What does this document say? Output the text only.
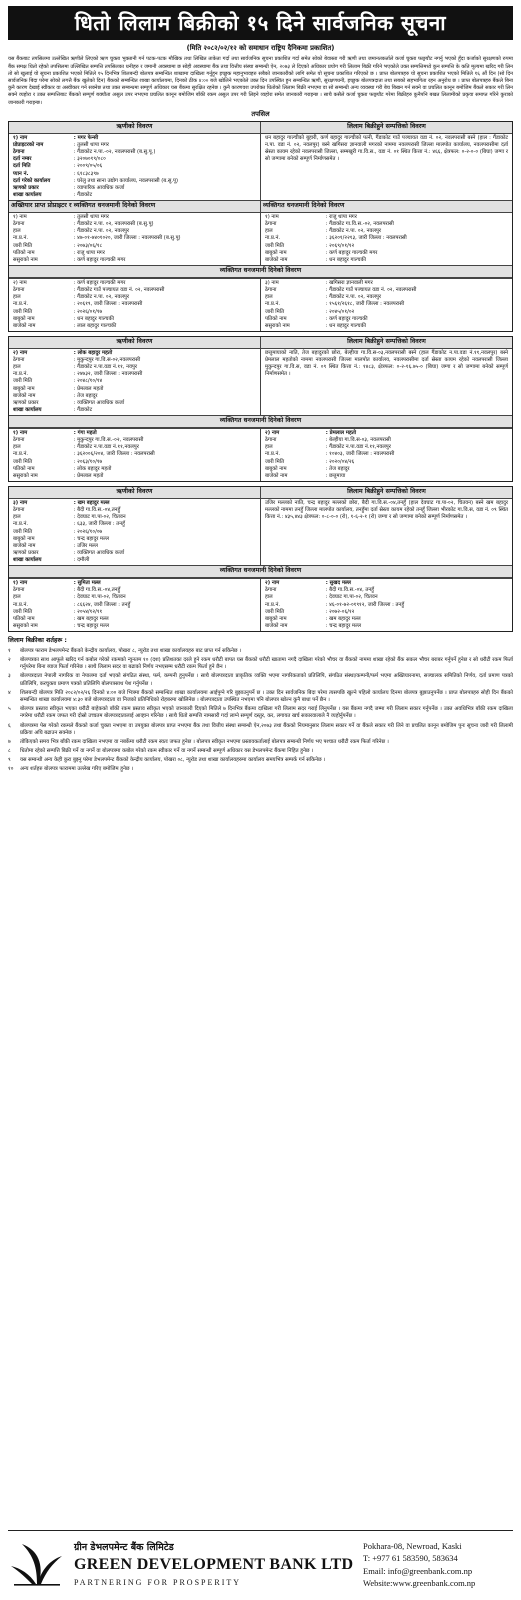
धितो लिलाम बिक्रीको १५ दिने सार्वजनिक सूचना
(मिति २०८२/०२/१२ को समाधान राष्ट्रिय दैनिकमा प्रकाशित)
यस बैंकबाट तपसिलमा उल्लेखित ऋणीले लिएको ऋण चुक्ता भुक्तानी गर्न पटक-पटक मौखिक तथा लिखित ताकेता गर्दा तथा सार्वजनिक सूचना प्रकाशित गर्दा समेत सोको बेवास्ता गरी ऋणी तथा जमानतकर्ताले कर्जा चुक्ता फछ्र्यौट नगर्नु भएको हुँदा कर्जाको सुरक्षणको रुपमा बैंक समक्ष धितो रहेको तपसिलमा उल्लिखित सम्पत्ति तपसिलका धनीहरु र जमानी अवस्थामा छ सोही अवस्थामा बैंक तथा वित्तीय संस्था सम्बन्धी ऐन, २०७३ ले दिएको अधिकार प्रयोग गरी लिलाम बिक्री गरिने भएकोले उक्त सम्पत्तिमध्ये कुन सम्पत्ति के कति मूल्यमा खरिद गरी लिन तो सो खुलाई यो सूचना प्रकाशित भएको मितिले १५ दिनभित्र शिलबन्दी बोलपत्र सम्बन्धित शाखामा दाखिला गर्नुहुन इच्छुक महानुभावहरु सबैको जानकारीको लागि समेत यो सूचना प्रकाशित गरिएको छ । प्राप्त बोलपत्रहरु यो सूचना प्रकाशित भएको मितिले १६ औं दिन (सो दिन सार्वजनिक बिदा परेमा सोको लगत्तै बैंक खुलेको दिन) बैंकको सम्बन्धित शाखा कार्यालयमा, दिनको ठीक ४:०० बजे खोलिने भएकोले उक्त दिन उपस्थित हुन सम्बन्धित ऋणी, सुरक्षणधनी, इच्छुक बोलपत्रदाता तथा सबको सहभागिता रहन अनुरोध छ । प्राप्त बोलपत्रहरु बैंकले बिना कुनै कारण देखाई स्वीकार वा अस्वीकार गर्न सक्नेछ तथा उक्त सम्बन्धमा सम्पूर्ण अधिकार यस बैंकमा सुरक्षित रहनेछ । कुनै कारणवश उपरोक्त धितोको लिलाम बिक्री नभएमा वा सो सम्बन्धी अन्य व्यवस्था गरी बेच बिखन गर्न सक्ने वा प्रचलित कानून बमोजिम बैंकले सकार गरी लिन सक्ने व्यहोरा र उक्त सम्पत्तिबाट बैंकको सम्पूर्ण बक्यौता असुल उपर नभएमा प्रचलित कानून बमोजिम बाँकी रकम असुल उपर गरी लिइने व्यहोरा समेत जानकारी गराइन्छ । साथै कसैले कर्जा चुक्ता फछ्र्यौट गरेमा बिक्रीहरु कुनैपनि बखत लिलामीको प्रकृया समाप्त गरिने कुराको जानकारी गराइन्छ।
तपसिल
ऋणीको विवरण
१) नाम	: मगर फेन्सी
प्रोप्राइटरको नाम	: तुलसी थापा मगर
ठेगाना	: गैंडाकोट न.पा.-०२, नवलपरासी (ब.सु.पू.)
दर्ता नम्बर	: ३२०७०१९/०८०
दर्ता मिति	: २००९/०५/०६
प्यान नं.	: ६१८३८३९७
दर्ता गरेको कार्यालय	: घरेलु तथा साना उद्योग कार्यालय, नवलपरासी (ब.सु.पू)
ऋणको प्रकार	: व्यापारिक आवधिक कर्जा
शाखा कार्यालय	: गैंडाकोट
लिलाम बिक्रीहुने सम्पत्तिको विवरण
धन बहादुर गाल्चीको बुहारी, कर्ण बहादुर गाल्चीको पत्नी, गैंडाकोट गाउँ पञ्चायत वडा नं. ०२, नवलपरासी बस्ने (हाल : गैंडाकोट न.पा. वडा नं. ०२, नवलपुर) बस्ने खगिसरा ज्ञानवाली मगरको नाममा नवलपरासी जिल्ला मालपोत कार्यालय, नवलपरासीमा दर्ता स्रेस्ता कायम रहेको नवलपरासी जिल्ला, सम्मखुरी गा.वि.स., वडा नं. ०१ स्थित कित्ता नं.: ४६६, क्षेत्रफल: ०-२-०-० (बिघा) जग्गा र सो जग्गामा बनेको सम्पूर्ण निर्माणसमेत ।
अख्तियार प्राप्त प्रोप्राइटर र व्यक्तिगत धनजमानी दिनेको विवरण
१) नाम	: तुलसी थापा मगर
ठेगाना	: गैंडाकोट न.पा. ०२, नवलपरासी (ब.सु.पू)
हाल	: गैंडाकोट न.पा. ०२, नवलपुर
ना.प्र.नं.	: ४७-०१-७४०१०२०, जारी जिल्ला : नवलपरासी (ब.सु.पू)
जारी मिति	: २०७३/०६/१८
पतिको नाम	: राजु थापा मगर
ससुराको नाम	: कर्ण बहादुर गाल्चकी मगर
व्यक्तिगत धनजमानी दिनेको विवरण
१) नाम	: राजु थापा मगर
ठेगाना	: गैंडाकोट गा.वि.स.-०२, नवलपरासी
हाल	: गैंडाकोट न.पा. ०२, नवलपुर
ना.प्र.नं.	: ३६२०१/२२१३, जारी जिल्ला : नवलपरासी
जारी मिति	: २०६९/०१/१२
बाबुको नाम	: कर्ण बहादुर गाल्चकी मगर
बाजेको नाम	: धन बहादुर गाल्चकी
व्यक्तिगत धनजमानी दिनेको विवरण
२) नाम	: कर्ण बहादुर गाल्चकी मगर
ठेगाना	: गैंडाकोट गाउँ पञ्चायत वडा नं. ०२, नवलपरासी
हाल	: गैंडाकोट न.पा. ०२, नवलपुर
ना.प्र.नं.	: २०६१९, जारी जिल्ला : नवलपरासी
जारी मिति	: २०२६/०१/१७
बाबुको नाम	: धन बहादुर गाल्चकी
बाजेको नाम	: लाल बहादुर गाल्चकी
३) नाम	: खगिसरा ज्ञानवाली मगर
ठेगाना	: गैंडाकोट गाउँ पञ्चायत वडा नं. ०२, नवलपरासी
हाल	: गैंडाकोट न.पा. ०२, नवलपुर
ना.प्र.नं.	: १५६१/२६१८, जारी जिल्ला : नवलपरासी
जारी मिति	: २०४५/०१/०२
पतिको नाम	: कर्ण बहादुर गाल्चकी
ससुराको नाम	: धन बहादुर गाल्चकी
ऋणीको विवरण
२) नाम	: लोक बहादुर महतो
ठेगाना	: मुकुन्दपुर गा.वि.स-०२,नवलपरासी
हाल	: गैंडाकोट न.पा.वडा नं.११, नवपुर
ना.प्र.नं.	: २४७३२, जारी जिल्ला : नवलपरासी
जारी मिति	: २०४८/१०/१४
बाबुको नाम	: प्रेमलाल महतो
बाजेको नाम	: तेज बहादुर
ऋणको प्रकार	: व्यक्तिगत आवधिक कर्जा
शाखा कार्यालय	: गैंडाकोट
लिलाम बिक्रीहुने सम्पत्तिको विवरण
छत्तुमायाको नाति, तेज बहादुरको छोरा, बेल्हीया गा.वि.स-०३,नवलपरासी बस्ने (हाल गैंडाकोट न.पा.वडा नं.११,नवलपुर) बस्ने प्रेमलाल महतोको नाममा नवलपरासी जिल्ला मालपोत कार्यालय, नवलपरासीमा दर्ता स्रेस्ता कायम रहेको नवलपरासी जिल्ला मुकुन्दपुर गा.वि.स, वडा नं. ०९ स्थित कित्ता नं.: १४८३, क्षेत्रफल: ०-२-१६.७५-० (बिघा) जग्गा र सो जग्गामा बनेको सम्पूर्ण निर्माणसमेत ।
व्यक्तिगत धनजमानी दिनेको विवरण
१) नाम	: गंगा महतो
ठेगाना	: मुकुन्दपुर गा.वि.स.-०२, नवलपरासी
हाल	: गैंडाकोट न.पा.वडा नं.११,नवलपुर
ना.प्र.नं.	: ३६२००६/२०४, जारी जिल्ला : नवलपरासी
जारी मिति	: २०६३/१०/१७
पतिको नाम	: लोक बहादुर महतो
ससुराको नाम	: प्रेमलाल महतो
२) नाम	: प्रेमलाल महतो
ठेगाना	: बेल्हीया गा.वि.स-०३, नवलपरासी
हाल	: गैंडाकोट न.पा.वडा नं.११,नवलपुर
ना.प्र.नं.	: १०४०३, जारी जिल्ला : नवलपरासी
जारी मिति	: २०२०/०४/२६
बाबुको नाम	: तेज बहादुर
बाजेको नाम	: छत्तुमाया
ऋणीको विवरण
३) नाम	: खम बहादुर मल्ल
ठेगाना	: बैदी गा.वि.स.-०४,तनहुँ
हाल	: देवघाट गा.पा-०२, चितवन
ना.प्र.नं.	: ६३३, जारी जिल्ला : तनहुँ
जारी मिति	: २०२६/१०/०७
बाबुको नाम	: चन्द्र बहादुर मल्ल
बाजेको नाम	: उजिर मल्ल
ऋणको प्रकार	: व्यक्तिगत आवधिक कर्जा
शाखा कार्यालय	: दमौली
लिलाम बिक्रीहुने सम्पत्तिको विवरण
उजिर मल्लको नाति, चन्द्र बहादुर मल्लको छोरा, बैदी गा.वि.स.-०४,तनहुँ (हाल देवघाट गा.पा-०२, चितवन) बस्ने खम बहादुर मल्लको नाममा तनहुँ जिल्ला मालपोत कार्यालय, तनहुँमा दर्ता स्रेस्ता कायम रहेको तनहुँ जिल्ला भीरकोट गा.वि.स, वडा नं. ०९ स्थित कित्ता नं.: ४३५,४४३ क्षेत्रफल: ०-८-०-० (रो), १-६-२-१ (रो) जग्गा र सो जग्गामा बनेको सम्पूर्ण निर्माणसमेत ।
व्यक्तिगत धनजमानी दिनेको विवरण
१) नाम	: सुमिता मल्ल
ठेगाना	: बैदी गा.वि.स.-०४,तनहुँ
हाल	: देवघाट गा.पा-०२, चितवन
ना.प्र.नं.	: ८६६२४, जारी जिल्ला : तनहुँ
जारी मिति	: २०५४/१२/११
पतिको नाम	: खम बहादुर मल्ल
ससुराको नाम	: चन्द्र बहादुर मल्ल
२) नाम	: सुखद मल्ल
ठेगाना	: बैदी गा.वि.स.-०४, तनहुँ
हाल	: देवघाट गा.पा-०२, चितवन
ना.प्र.नं.	: ४६-०१-७२-०१९१२, जारी जिल्ला : तनहुँ
जारी मिति	: २०७२-०६/१२
बाबुको नाम	: खम बहादुर मल्ल
बाजेको नाम	: चन्द्र बहादुर मल्ल
लिलाम बिक्रीका शर्तहरू :
१	बोलपत्र फाराम डेभलपमेन्ट बैंकको केन्द्रीय कार्यालय, पोखरा ८, न्युरोड तथा शाखा कार्यालयहरु बाट प्राप्त गर्न सकिनेछ ।
२	बोलपत्रका साथ आफूले खरिद गर्न कबोल गरेको रकमको न्युनतम १० (दश) प्रतिशतका दरले हुने रकम धरौटी बापत यस बैंकको धरौटी खातामा नगदै दाखिला गरेको भौचर वा बैंकको नाममा शाखा रहेको बैंक सकल भौचर बराबर गर्नुपर्ने हुनेछ र सो धरौटी रकम फिर्ता गर्नुपरेमा बिना ब्याज फिर्ता गरिनेछ । साथै लिलाम सदर वा बढाको निर्णय नभएसम्म धरौटी रकम फिर्ता हुने छैन ।
३	बोलपत्रदाता नेपाली नागरिक वा नेपालमा दर्ता भएको संगठित संस्था, फर्म, कम्पनी हुनुपर्नेछ । साथै बोलपत्रदाता प्राकृतिक व्यक्ति भएमा नागरिकताको प्रतिलिपि, संगठित संस्था/कम्पनी/फर्म भएमा अख्तियारनामा, सञ्चालक समितिको निर्णय, दर्ता प्रमाण पत्रको प्रतिलिपि, करचुक्ता प्रमाण पत्रको प्रतिलिपि बोलपत्रसाथ पेश गर्नुपर्नेछ ।
४	शिलबन्दी बोलपत्र मिति २०८२/०२/२६ दिनको ४:०० बजे भित्रमा बैंकको सम्बन्धित शाखा कार्यालयमा आईपुग्ने गरि बुझाउनुपर्ने छ । उक्त दिन सार्वजनिक बिदा परेमा त्यसपछि खुल्ने पहिलो कार्यालय दिनमा बोलपत्र बुझाउनुपर्नेछ । प्राप्त बोलपत्रहरु सोही दिन बैंकको सम्बन्धित शाखा कार्यालयमा ४:३० बजे बोलपत्रदाता वा निजको प्रतिनिधिको रोहबरमा खोलिनेछ । बोलपत्रदाता उपस्थित नभएमा पनि बोलपत्र खोल्न कुनै बाधा पर्ने छैन ।
५	बोलपत्र प्रस्ताव स्वीकृत भएका धरौटी बाहेकको बाँकी रकम प्रस्ताव स्वीकृत भएको जानकारी दिएको मितिले ७ दिनभित्र बैंकमा दाखिला गरी लिलाम सदर गराई लिनुपर्नेछ । यस बैंकमा नगदै जम्मा गरी लिलाम सकार गर्नुपर्नेछ । उक्त अवधिभित्र बाँकी रकम दाखिला नगरेमा धरौटी रकम जफत गरी दोस्रो उच्चतम बोलपत्रदातालाई आव्हान गरिनेछ । साथै धितो सम्पत्ति नामसारी गर्दा लाग्ने सम्पूर्ण दस्तुर, कर, लगायत खर्च सकारवालाले नै व्यहोर्नुपर्नेछ ।
६	बोलपत्रमा पेस गरेको रकमले बैंकको कर्जा चुक्ता नभएमा वा उपयुक्त बोलपत्र प्राप्त नभएमा बैंक तथा वित्तीय संस्था सम्बन्धी ऐन,२०७३ तथा बैंकको नियमानुसार लिलाम सकार गर्ने वा बैंकले सकार गरी लिने वा प्रचलित कानून बमोजिम पुनः सूचना जारी गरी लिलामी प्रक्रिया अघि बढाउन सक्नेछ ।
७	तोकिएको समय भित्र बाँकी रकम दाखिला नभएमा वा नबर्केमा धरौटी रकम स्वतः जफत हुनेछ । बोलपत्र स्वीकृत नभएमा प्रस्तावकर्तालाई बोलपत्र सम्बन्धी निर्णय भए पश्चात धरौटी रकम फिर्ता गरिनेछ ।
८	धितोमा रहेको सम्पत्ति बिक्री गर्ने वा नगर्ने वा बोलपत्रमा कबोल गरेको रकम स्वीकार गर्ने वा नगर्ने सम्बन्धी सम्पूर्ण अधिकार यस डेभलपमेन्ट बैंकमा निहित हुनेछ ।
९	यस सम्बन्धी अन्य केही कुरा बुझ्नु परेमा डेभलपमेन्ट बैंकको केन्द्रीय कार्यालय, पोखरा ०८, न्युरोड तथा शाखा कार्यालयहरुमा कार्यालय समयभित्र सम्पर्क गर्न सकिनेछ ।
१०	अन्य शर्तहरु बोलपत्र फाराममा उल्लेख गरिए बमोजिम हुनेछ ।
ग्रीन डेभलपमेन्ट बैंक लिमिटेड
GREEN DEVELOPMENT BANK LTD
PARTNERING FOR PROSPERITY
Pokhara-08, Newroad, Kaski
T: +977 61 583590, 583634
Email: info@greenbank.com.np
Website:www.greenbank.com.np
